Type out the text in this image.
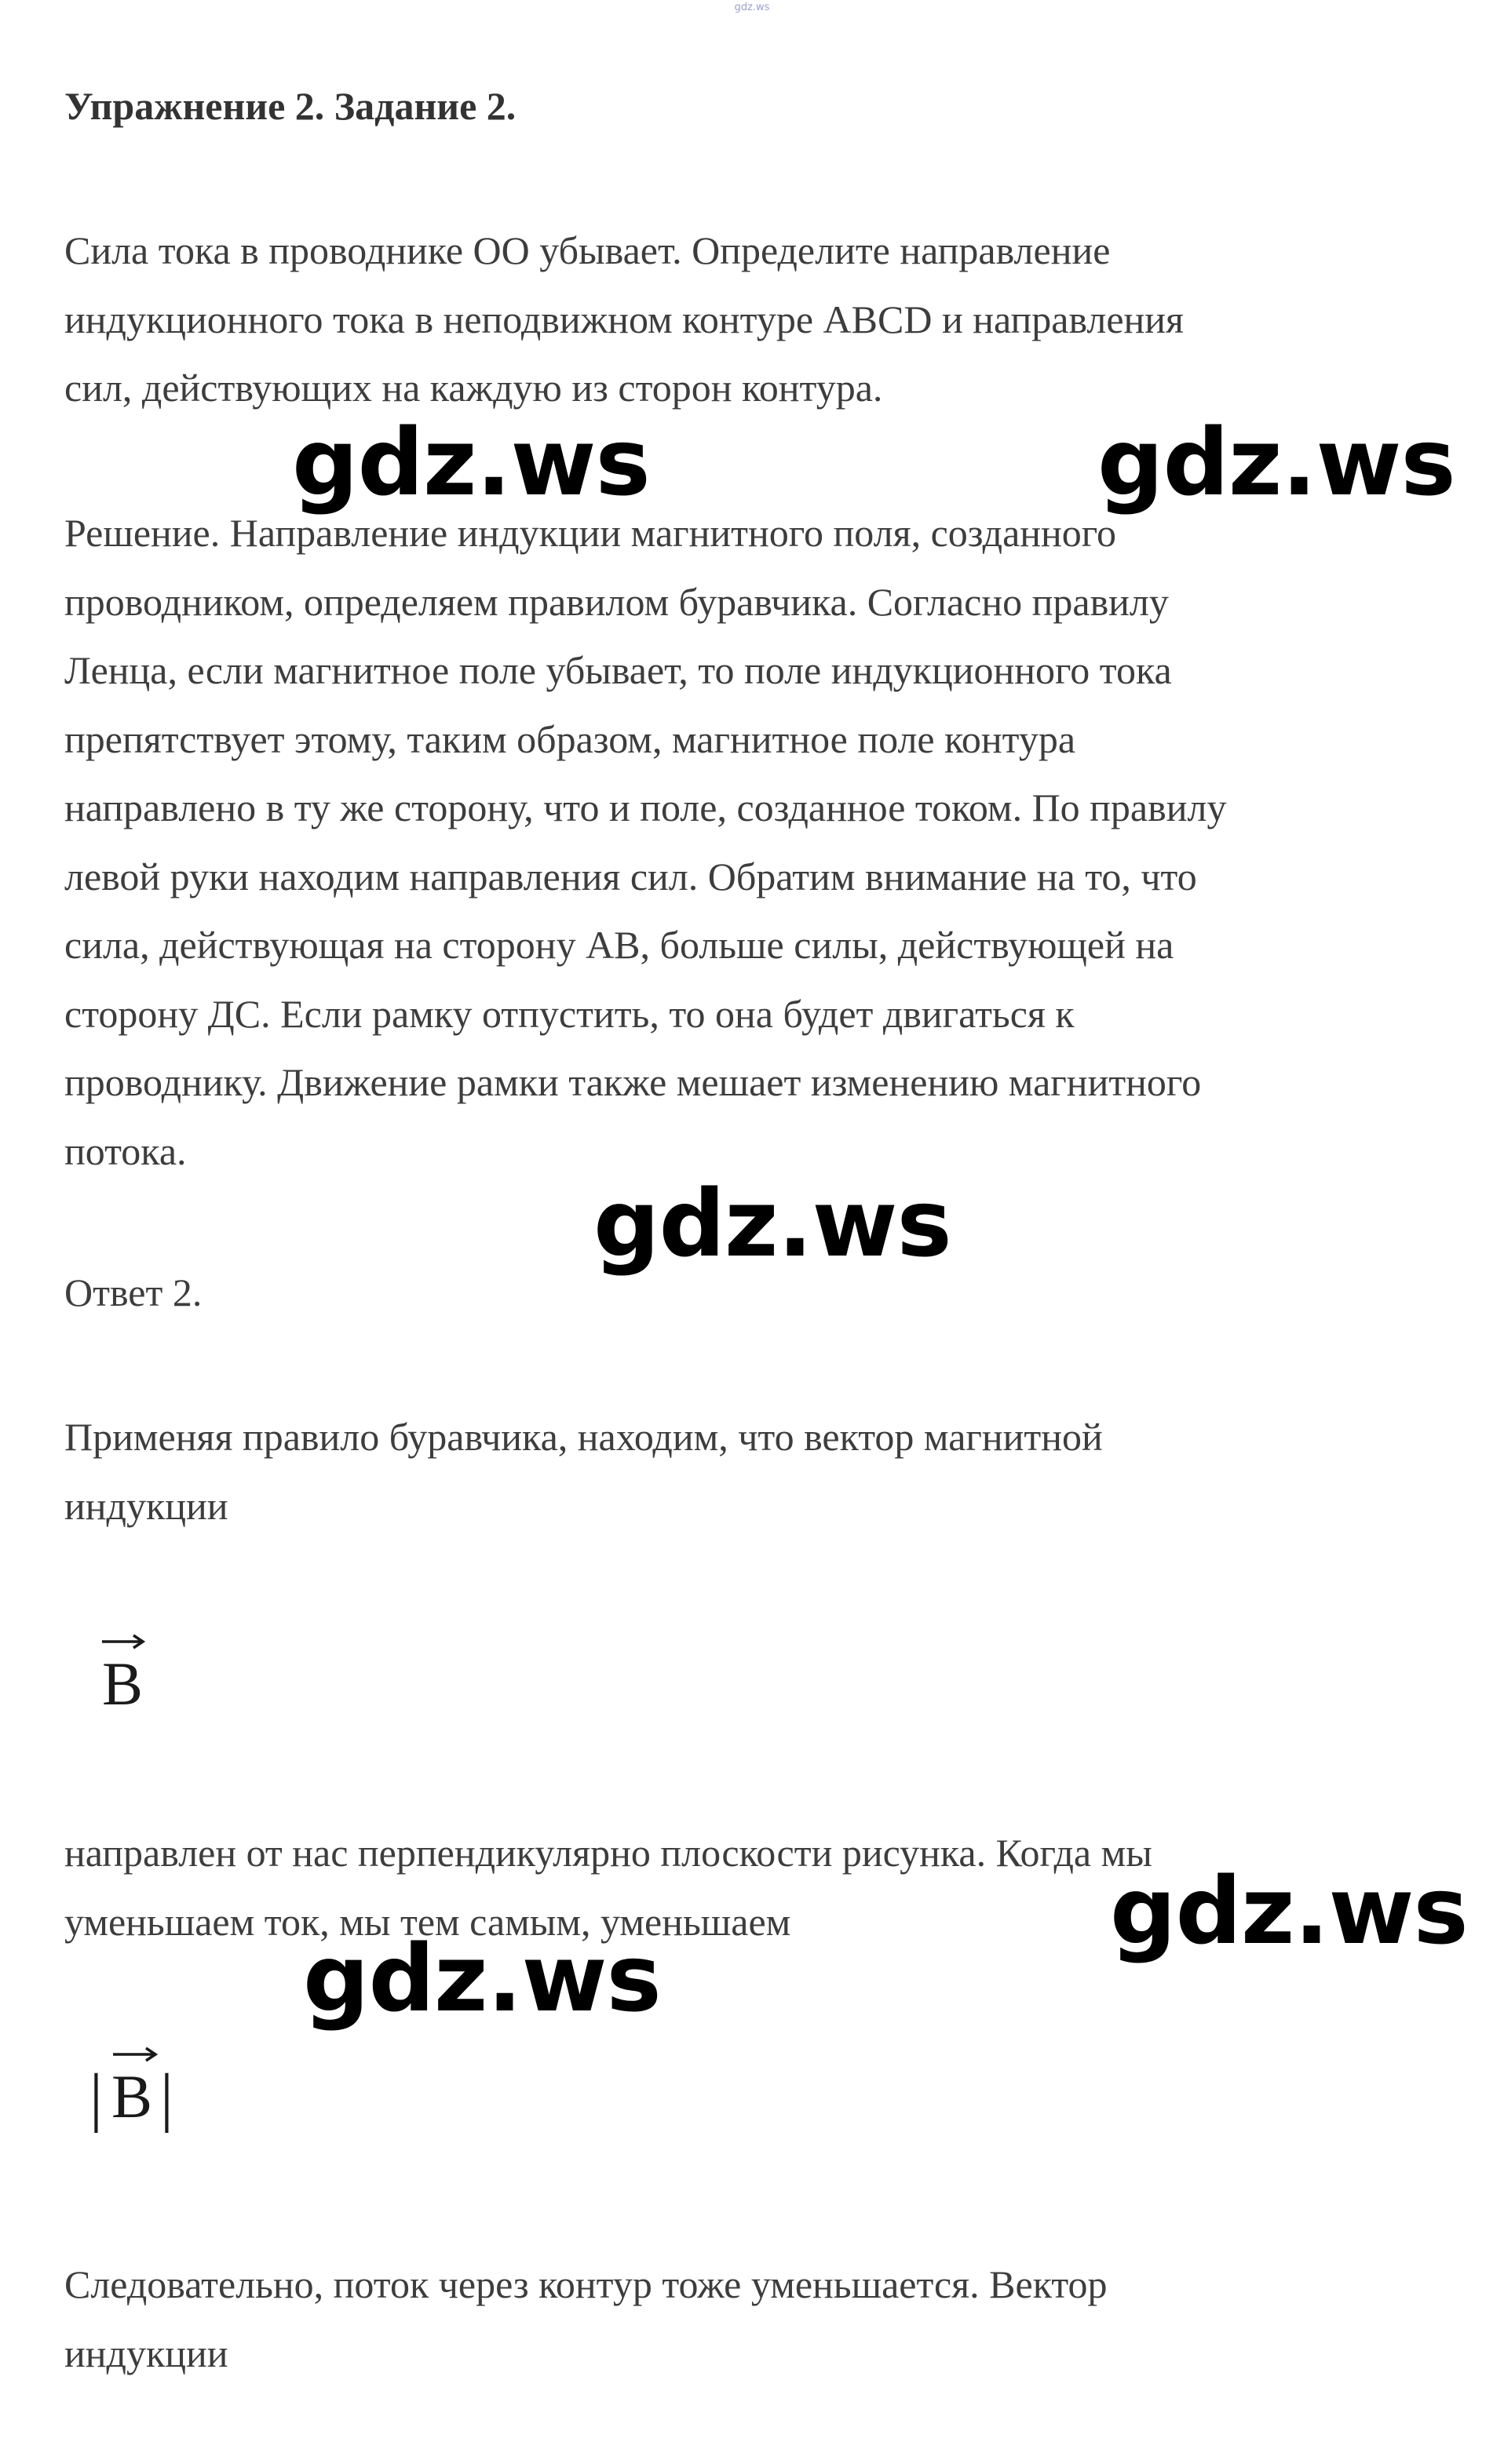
gdz.ws
Упражнение 2. Задание 2.

Сила тока в проводнике ОО убывает. Определите направление
индукционного тока в неподвижном контуре ABCD и направления
сил, действующих на каждую из сторон контура.

Решение. Направление индукции магнитного поля, созданного
проводником, определяем правилом буравчика. Согласно правилу
Ленца, если магнитное поле убывает, то поле индукционного тока
препятствует этому, таким образом, магнитное поле контура
направлено в ту же сторону, что и поле, созданное током. По правилу
левой руки находим направления сил. Обратим внимание на то, что
сила, действующая на сторону АВ, больше силы, действующей на
сторону ДС. Если рамку отпустить, то она будет двигаться к
проводнику. Движение рамки также мешает изменению магнитного
потока.

Ответ 2.

Применяя правило буравчика, находим, что вектор магнитной
индукции

B

направлен от нас перпендикулярно плоскости рисунка. Когда мы
уменьшаем ток, мы тем самым, уменьшаем

| B |

Следовательно, поток через контур тоже уменьшается. Вектор
индукции

gdz.ws	gdz.ws
gdz.ws
gdz.ws
gdz.ws
